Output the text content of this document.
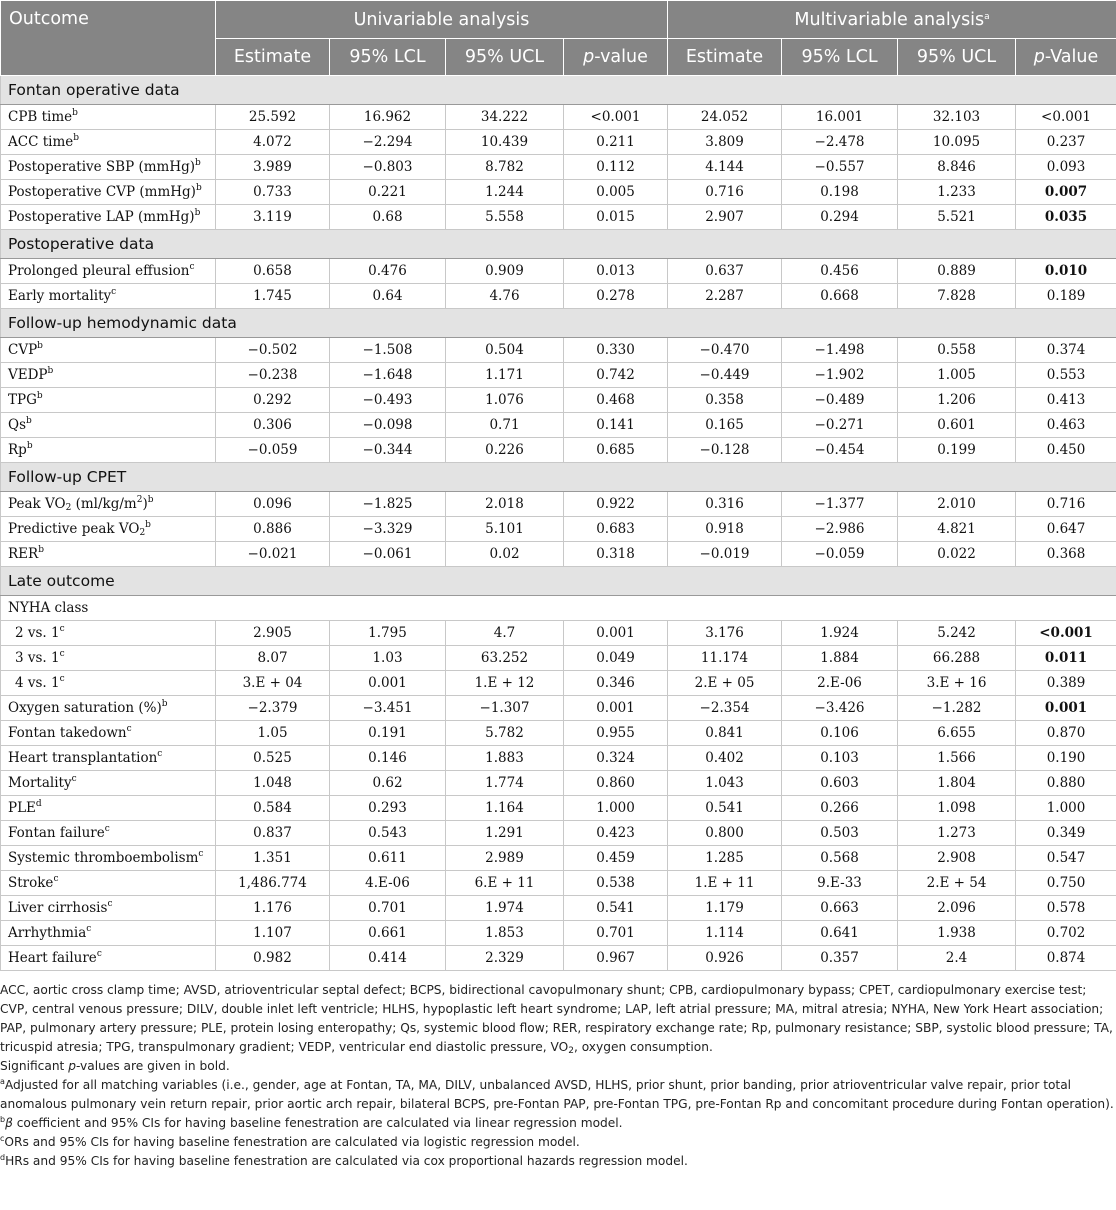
Outcome	Univariable analysis				Multivariable analysis$^a$
	Estimate	95% LCL	95% UCL	p-value	Estimate	95% LCL	95% UCL	p-Value
Fontan operative data								
CPB time$^b$	25.592	16.962	34.222	<0.001	24.052	16.001	32.103	<0.001
ACC time$^b$	4.072	−2.294	10.439	0.211	3.809	−2.478	10.095	0.237
Postoperative SBP (mmHg)$^b$	3.989	−0.803	8.782	0.112	4.144	−0.557	8.846	0.093
Postoperative CVP (mmHg)$^b$	0.733	0.221	1.244	0.005	0.716	0.198	1.233	0.007
Postoperative LAP (mmHg)$^b$	3.119	0.68	5.558	0.015	2.907	0.294	5.521	0.035
Postoperative data								
Prolonged pleural effusion$^c$	0.658	0.476	0.909	0.013	0.637	0.456	0.889	0.010
Early mortality$^c$	1.745	0.64	4.76	0.278	2.287	0.668	7.828	0.189
Follow-up hemodynamic data								
$CVP^b$	−0.502	−1.508	0.504	0.330	−0.470	−1.498	0.558	0.374
$VEDP^b$	−0.238	−1.648	1.171	0.742	−0.449	−1.902	1.005	0.553
TPG$^b$	0.292	−0.493	1.076	0.468	0.358	−0.489	1.206	0.413
Qs$^b$	0.306	−0.098	0.71	0.141	0.165	−0.271	0.601	0.463
$Rp^b$	−0.059	−0.344	0.226	0.685	−0.128	−0.454	0.199	0.450
Follow-up CPET								
Peak $VO_2$ $(ml/kg/m^2)^b$	0.096	−1.825	2.018	0.922	0.316	−1.377	2.010	0.716
Predictive peak $VO_2^b$	0.886	−3.329	5.101	0.683	0.918	−2.986	4.821	0.647
$RER^b$	−0.021	−0.061	0.02	0.318	−0.019	−0.059	0.022	0.368
Late outcome								
NYHA class								
2 vs. 1$^c$	2.905	1.795	4.7	0.001	3.176	1.924	5.242	<0.001
3 vs. 1$^c$	8.07	1.03	63.252	0.049	11.174	1.884	66.288	0.011
4 vs. 1$^c$	3.E + 04	0.001	1.E + 12	0.346	2.E + 05	2.E-06	3.E + 16	0.389
Oxygen saturation (%)$^b$	−2.379	−3.451	−1.307	0.001	−2.354	−3.426	−1.282	0.001
Fontan takedown$^c$	1.05	0.191	5.782	0.955	0.841	0.106	6.655	0.870
Heart transplantation$^c$	0.525	0.146	1.883	0.324	0.402	0.103	1.566	0.190
Mortality$^c$	1.048	0.62	1.774	0.860	1.043	0.603	1.804	0.880
PLE$^d$	0.584	0.293	1.164	1.000	0.541	0.266	1.098	1.000
Fontan failure$^c$	0.837	0.543	1.291	0.423	0.800	0.503	1.273	0.349
Systemic thromboembolism$^c$	1.351	0.611	2.989	0.459	1.285	0.568	2.908	0.547
Stroke$^c$	1,486.774	4.E-06	6.E + 11	0.538	1.E + 11	9.E-33	2.E + 54	0.750
Liver cirrhosis$^c$	1.176	0.701	1.974	0.541	1.179	0.663	2.096	0.578
Arrhythmia$^c$	1.107	0.661	1.853	0.701	1.114	0.641	1.938	0.702
Heart failure$^c$	0.982	0.414	2.329	0.967	0.926	0.357	2.4	0.874

ACC, aortic cross clamp time; AVSD, atrioventricular septal defect; BCPS, bidirectional cavopulmonary shunt; CPB, cardiopulmonary bypass; CPET, cardiopulmonary exercise test; CVP, central venous pressure; DILV, double inlet left ventricle; HLHS, hypoplastic left heart syndrome; LAP, left atrial pressure; MA, mitral atresia; NYHA, New York Heart association; PAP, pulmonary artery pressure; PLE, protein losing enteropathy; Qs, systemic blood flow; RER, respiratory exchange rate; Rp, pulmonary resistance; SBP, systolic blood pressure; TA, tricuspid atresia; TPG, transpulmonary gradient; VEDP, ventricular end diastolic pressure, $VO_2$, oxygen consumption.

Significant p-values are given in bold.

$^a$Adjusted for all matching variables (i.e., gender, age at Fontan, TA, MA, DILV, unbalanced AVSD, HLHS, prior shunt, prior banding, prior atrioventricular valve repair, prior total anomalous pulmonary vein return repair, prior aortic arch repair, bilateral BCPS, pre-Fontan PAP, pre-Fontan TPG, pre-Fontan Rp and concomitant procedure during Fontan operation).

$^b$β coefficient and 95% CIs for having baseline fenestration are calculated via linear regression model.

$^c$ORs and 95% CIs for having baseline fenestration are calculated via logistic regression model.

$^d$HRs and 95% CIs for having baseline fenestration are calculated via cox proportional hazards regression model.
